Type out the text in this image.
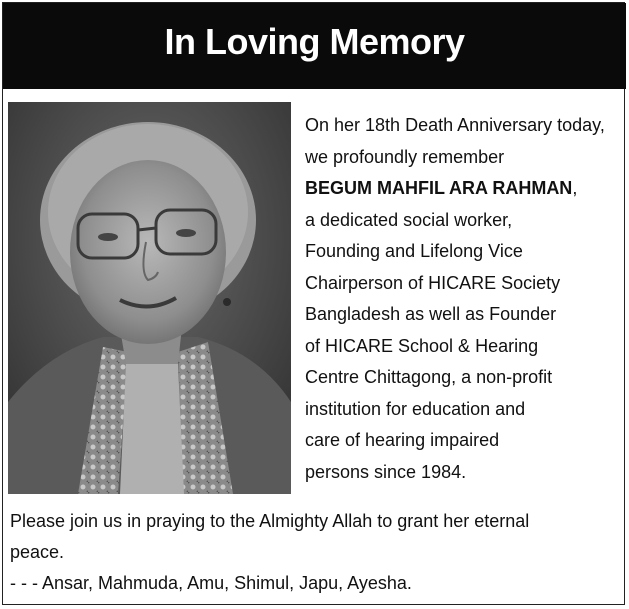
In Loving Memory
On her 18th Death Anniversary today,
we profoundly remember
BEGUM MAHFIL ARA RAHMAN,
a dedicated social worker,
Founding and Lifelong Vice
Chairperson of HICARE Society
Bangladesh as well as Founder
of HICARE School & Hearing
Centre Chittagong, a non-profit
institution for education and
care of hearing impaired
persons since 1984.
Please join us in praying to the Almighty Allah to grant her eternal
peace.
- - - Ansar, Mahmuda, Amu, Shimul, Japu, Ayesha.
